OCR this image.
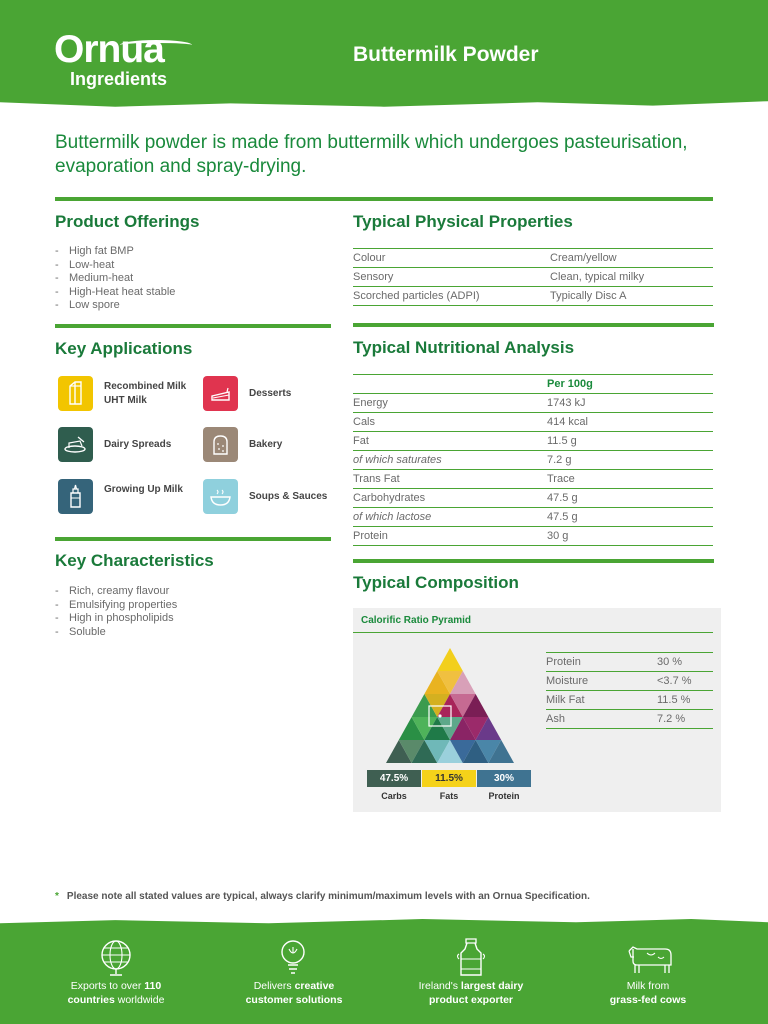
Ornua
Ingredients
Buttermilk Powder
Buttermilk powder is made from buttermilk which undergoes pasteurisation, evaporation and spray-drying.
Product Offerings
- High fat BMP
- Low-heat
- Medium-heat
- High-Heat heat stable
- Low spore
Typical Physical Properties
Colour	Cream/yellow
Sensory	Clean, typical milky
Scorched particles (ADPI)	Typically Disc A
Key Applications
Recombined Milk UHT Milk
Desserts
Dairy Spreads	Bakery
Growing Up Milk
Soups & Sauces
Typical Nutritional Analysis
	Per 100g
Energy	1743 kJ
Cals	414 kcal
Fat	11.5 g
of which saturates	7.2 g
Trans Fat	Trace
Carbohydrates	47.5 g
of which lactose	47.5 g
Protein	30 g
Key Characteristics
- Rich, creamy flavour
- Emulsifying properties
- High in phospholipids
- Soluble
Typical Composition
Calorific Ratio Pyramid
47.5%	11.5%	30%
Carbs	Fats	Protein
Protein	30 %
Moisture	<3.7 %
Milk Fat	11.5 %
Ash	7.2 %
* Please note all stated values are typical, always clarify minimum/maximum levels with an Ornua Specification.
Exports to over 110
countries worldwide
Delivers creative
customer solutions
Ireland's largest dairy
product exporter
Milk from
grass-fed cows
